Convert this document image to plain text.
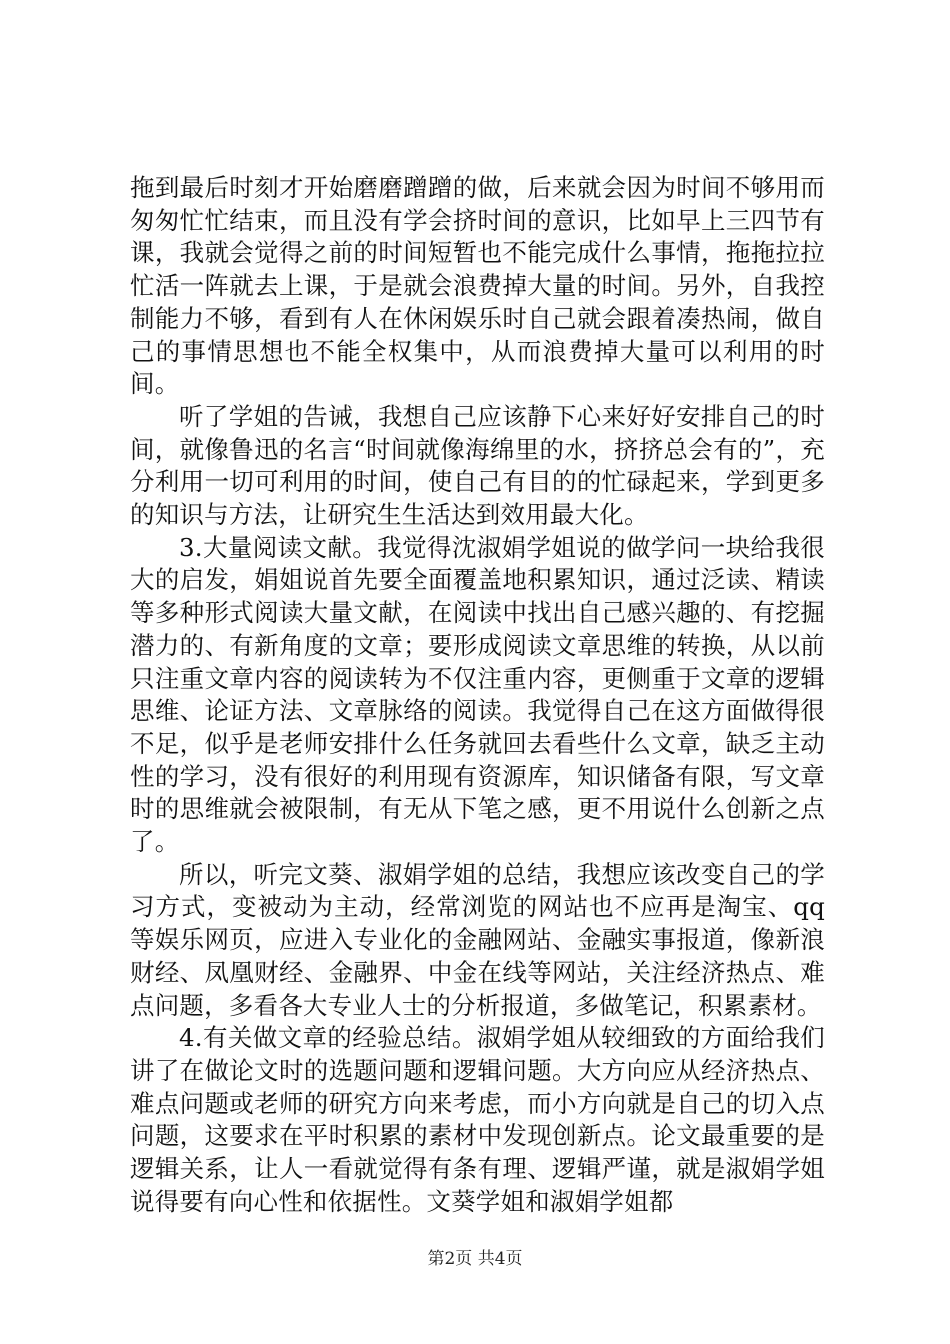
拖到最后时刻才开始磨磨蹭蹭的做，后来就会因为时间不够用而匆匆忙忙结束，而且没有学会挤时间的意识，比如早上三四节有课，我就会觉得之前的时间短暂也不能完成什么事情，拖拖拉拉忙活一阵就去上课，于是就会浪费掉大量的时间。另外，自我控制能力不够，看到有人在休闲娱乐时自己就会跟着凑热闹，做自己的事情思想也不能全权集中，从而浪费掉大量可以利用的时间。

听了学姐的告诫，我想自己应该静下心来好好安排自己的时间，就像鲁迅的名言“时间就像海绵里的水，挤挤总会有的”，充分利用一切可利用的时间，使自己有目的的忙碌起来，学到更多的知识与方法，让研究生生活达到效用最大化。

3.大量阅读文献。我觉得沈淑娟学姐说的做学问一块给我很大的启发，娟姐说首先要全面覆盖地积累知识，通过泛读、精读等多种形式阅读大量文献，在阅读中找出自己感兴趣的、有挖掘潜力的、有新角度的文章；要形成阅读文章思维的转换，从以前只注重文章内容的阅读转为不仅注重内容，更侧重于文章的逻辑思维、论证方法、文章脉络的阅读。我觉得自己在这方面做得很不足，似乎是老师安排什么任务就回去看些什么文章，缺乏主动性的学习，没有很好的利用现有资源库，知识储备有限，写文章时的思维就会被限制，有无从下笔之感，更不用说什么创新之点了。

所以，听完文葵、淑娟学姐的总结，我想应该改变自己的学习方式，变被动为主动，经常浏览的网站也不应再是淘宝、qq等娱乐网页，应进入专业化的金融网站、金融实事报道，像新浪财经、凤凰财经、金融界、中金在线等网站，关注经济热点、难点问题，多看各大专业人士的分析报道，多做笔记，积累素材。

4.有关做文章的经验总结。淑娟学姐从较细致的方面给我们讲了在做论文时的选题问题和逻辑问题。大方向应从经济热点、难点问题或老师的研究方向来考虑，而小方向就是自己的切入点问题，这要求在平时积累的素材中发现创新点。论文最重要的是逻辑关系，让人一看就觉得有条有理、逻辑严谨，就是淑娟学姐说得要有向心性和依据性。文葵学姐和淑娟学姐都

第2页 共4页
